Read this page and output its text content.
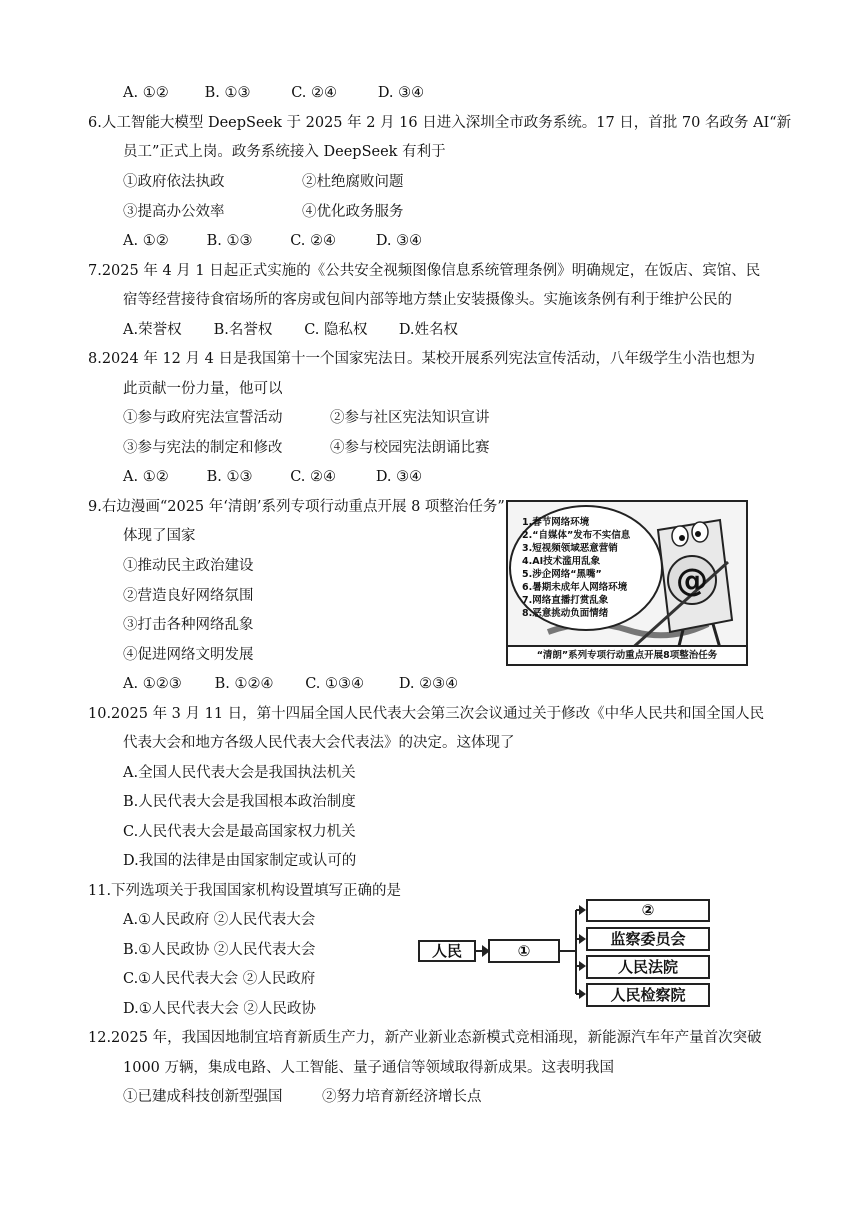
A. ①② B. ①③	C. ②④	D. ③④
6.人工智能大模型 DeepSeek 于 2025 年 2 月 16 日进入深圳全市政务系统。17 日，首批 70 名政务 AI“新
员工”正式上岗。政务系统接入 DeepSeek 有利于
①政府依法执政	②杜绝腐败问题
③提高办公效率	④优化政务服务
A. ①②	B. ①③	C. ②④	D. ③④
7.2025 年 4 月 1 日起正式实施的《公共安全视频图像信息系统管理条例》明确规定，在饭店、宾馆、民
宿等经营接待食宿场所的客房或包间内部等地方禁止安装摄像头。实施该条例有利于维护公民的
A.荣誉权 B.名誉权 C. 隐私权 D.姓名权
8.2024 年 12 月 4 日是我国第十一个国家宪法日。某校开展系列宪法宣传活动，八年级学生小浩也想为
此贡献一份力量，他可以
①参与政府宪法宣誓活动	②参与社区宪法知识宣讲
③参与宪法的制定和修改	④参与校园宪法朗诵比赛
A. ①②	B. ①③	C. ②④	D. ③④
9.右边漫画“2025 年‘清朗’系列专项行动重点开展 8 项整治任务”
体现了国家
①推动民主政治建设
②营造良好网络氛围
③打击各种网络乱象
④促进网络文明发展
A. ①②③ B. ①②④ C. ①③④ D. ②③④
@
1.春节网络环境
2.“自媒体”发布不实信息
3.短视频领域恶意营销
4.AI技术滥用乱象
5.涉企网络“黑嘴”
6.暑期未成年人网络环境
7.网络直播打赏乱象
8.恶意挑动负面情绪
“清朗”系列专项行动重点开展8项整治任务
10.2025 年 3 月 11 日，第十四届全国人民代表大会第三次会议通过关于修改《中华人民共和国全国人民
代表大会和地方各级人民代表大会代表法》的决定。这体现了
A.全国人民代表大会是我国执法机关
B.人民代表大会是我国根本政治制度
C.人民代表大会是最高国家权力机关
D.我国的法律是由国家制定或认可的
11.下列选项关于我国国家机构设置填写正确的是
A.①人民政府 ②人民代表大会
B.①人民政协 ②人民代表大会
C.①人民代表大会 ②人民政府
D.①人民代表大会 ②人民政协
人民	①
②
监察委员会
人民法院
人民检察院
12.2025 年，我国因地制宜培育新质生产力，新产业新业态新模式竞相涌现，新能源汽车年产量首次突破
1000 万辆，集成电路、人工智能、量子通信等领域取得新成果。这表明我国
①已建成科技创新型强国	②努力培育新经济增长点
